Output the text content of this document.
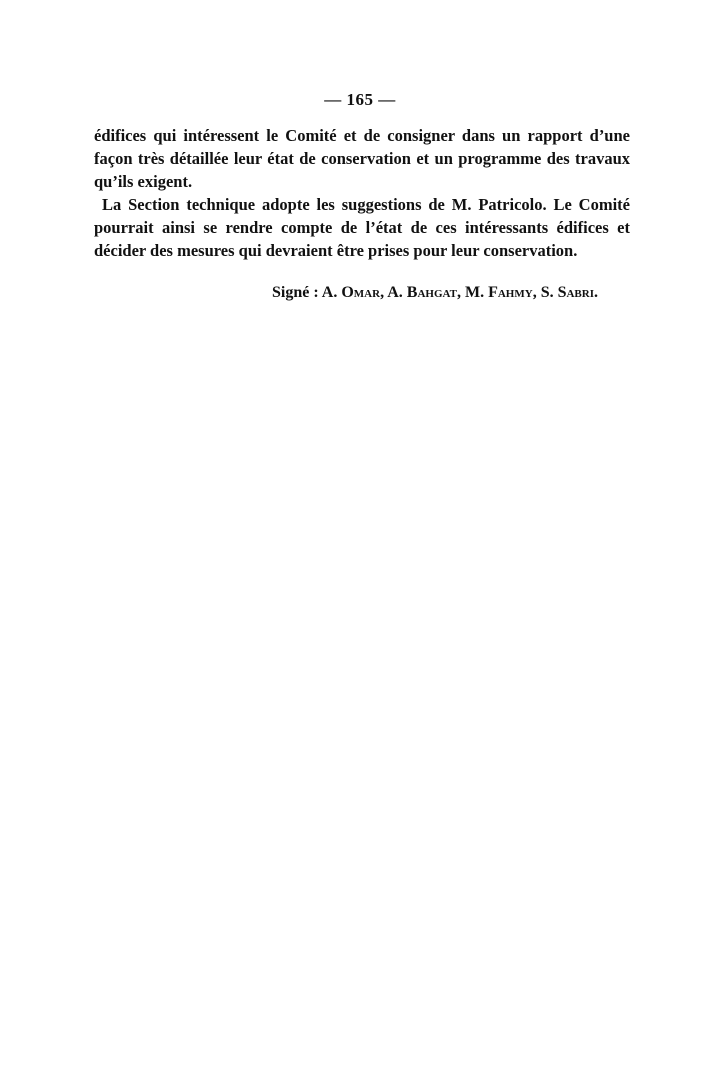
— 165 —

édifices qui intéressent le Comité et de consigner dans un rapport d’une façon très détaillée leur état de conservation et un programme des travaux qu’ils exigent.

La Section technique adopte les suggestions de M. Patricolo. Le Comité pourrait ainsi se rendre compte de l’état de ces intéressants édifices et décider des mesures qui devraient être prises pour leur conservation.

Signé : A. Omar, A. Bahgat, M. Fahmy, S. Sabri.
